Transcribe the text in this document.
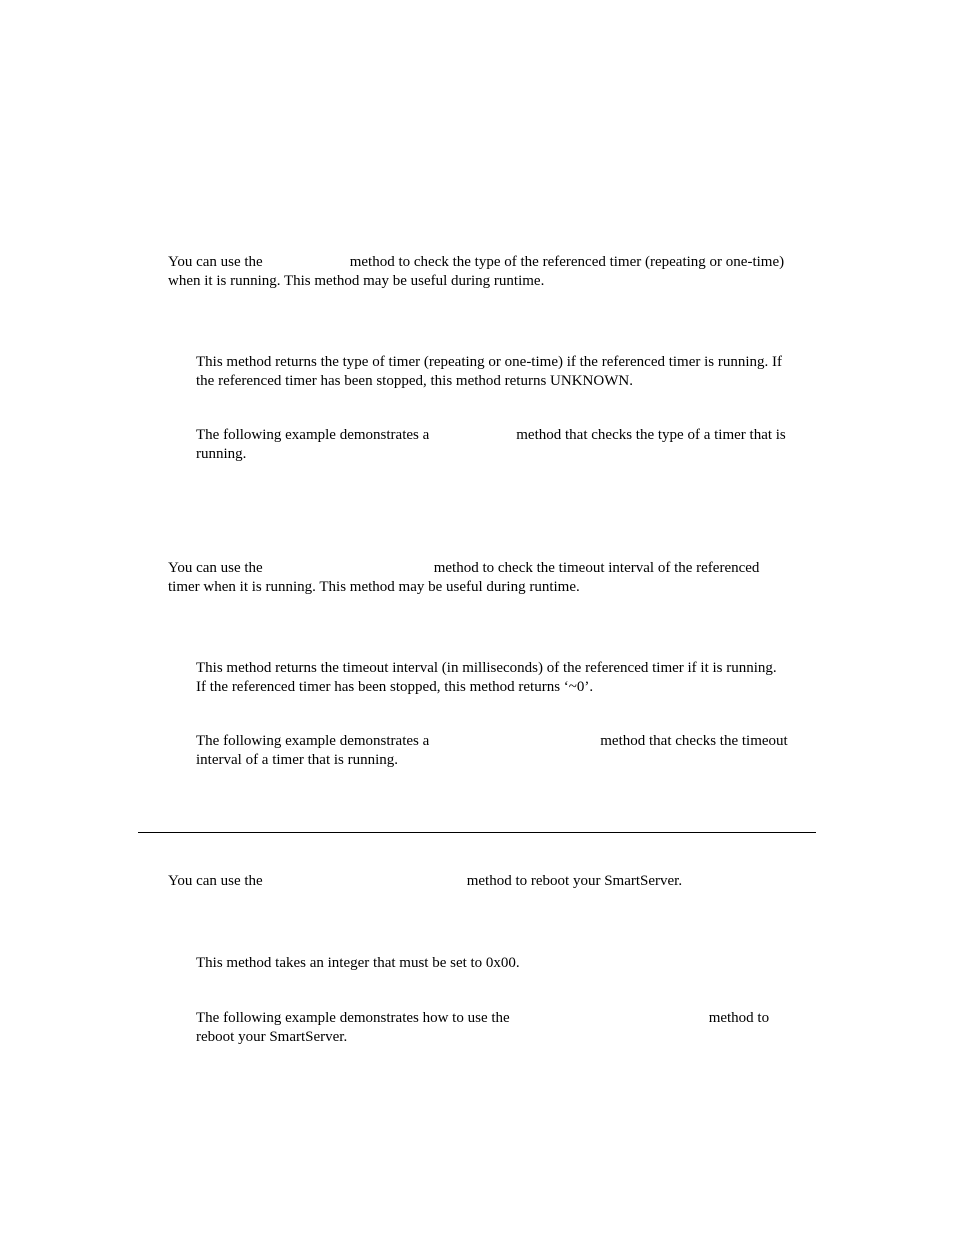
You can use the	method to check the type of the referenced timer (repeating or one-time)
when it is running. This method may be useful during runtime.

This method returns the type of timer (repeating or one-time) if the referenced timer is running. If
the referenced timer has been stopped, this method returns UNKNOWN.

The following example demonstrates a	method that checks the type of a timer that is
running.

You can use the	method to check the timeout interval of the referenced
timer when it is running. This method may be useful during runtime.

This method returns the timeout interval (in milliseconds) of the referenced timer if it is running.
If the referenced timer has been stopped, this method returns ‘~0’.

The following example demonstrates a	method that checks the timeout
interval of a timer that is running.

You can use the	method to reboot your SmartServer.

This method takes an integer that must be set to 0x00.

The following example demonstrates how to use the	method to
reboot your SmartServer.
